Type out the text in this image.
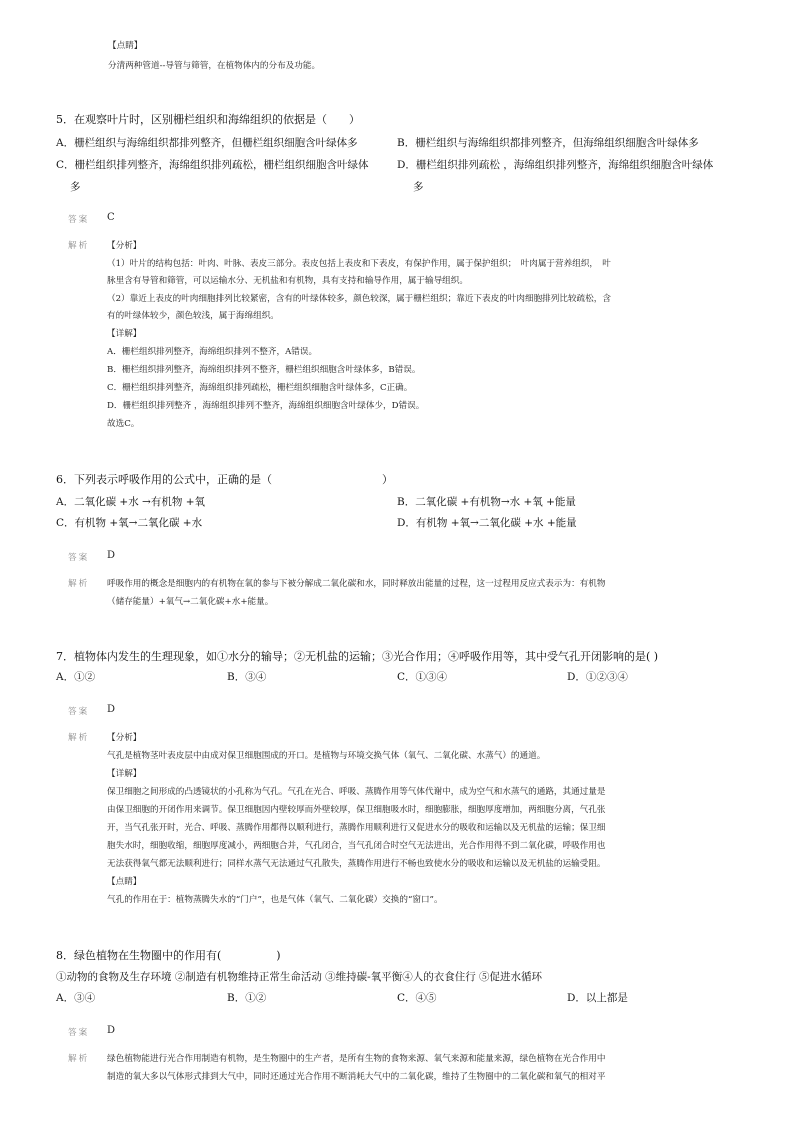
【点睛】
分清两种管道--导管与筛管，在植物体内的分布及功能。
5．在观察叶片时，区别栅栏组织和海绵组织的依据是（　　）
A．栅栏组织与海绵组织都排列整齐，但栅栏组织细胞含叶绿体多	B．栅栏组织与海绵组织都排列整齐，但海绵组织细胞含叶绿体多
C．栅栏组织排列整齐，海绵组织排列疏松，栅栏组织细胞含叶绿体	D．栅栏组织排列疏松 ，海绵组织排列整齐，海绵组织细胞含叶绿体
多	多
答案 C
解析 【分析】
（1）叶片的结构包括：叶肉、叶脉、表皮三部分。表皮包括上表皮和下表皮，有保护作用，属于保护组织；　叶肉属于营养组织，　叶
脉里含有导管和筛管，可以运输水分、无机盐和有机物，具有支持和输导作用，属于输导组织。
（2）靠近上表皮的叶肉细胞排列比较紧密，含有的叶绿体较多，颜色较深，属于栅栏组织；靠近下表皮的叶肉细胞排列比较疏松，含
有的叶绿体较少，颜色较浅，属于海绵组织。
【详解】
A．栅栏组织排列整齐，海绵组织排列不整齐，A错误。
B．栅栏组织排列整齐，海绵组织排列不整齐，栅栏组织细胞含叶绿体多，B错误。
C．栅栏组织排列整齐，海绵组织排列疏松，栅栏组织细胞含叶绿体多，C正确。
D．栅栏组织排列整齐 ，海绵组织排列不整齐，海绵组织细胞含叶绿体少，D错误。
故选C。
6．下列表示呼吸作用的公式中，正确的是（　　　　　　　　　　）
A．二氧化碳 +水 →有机物 +氧	B．二氧化碳 +有机物→水 +氧 +能量
C．有机物 +氧→二氧化碳 +水	D．有机物 +氧→二氧化碳 +水 +能量
答案 D
解析 呼吸作用的概念是细胞内的有机物在氧的参与下被分解成二氧化碳和水，同时释放出能量的过程，这一过程用反应式表示为：有机物
（储存能量）+氧气→二氧化碳+水+能量。
7．植物体内发生的生理现象，如①水分的输导；②无机盐的运输；③光合作用；④呼吸作用等，其中受气孔开闭影响的是( )
A．①②	B．③④	C．①③④	D．①②③④
答案 D
解析 【分析】
气孔是植物茎叶表皮层中由成对保卫细胞围成的开口。是植物与环境交换气体（氧气、二氧化碳、水蒸气）的通道。
【详解】
保卫细胞之间形成的凸透镜状的小孔称为气孔。气孔在光合、呼吸、蒸腾作用等气体代谢中，成为空气和水蒸气的通路，其通过量是
由保卫细胞的开闭作用来调节。保卫细胞因内壁较厚而外壁较厚，保卫细胞吸水时，细胞膨胀，细胞厚度增加，两细胞分离，气孔张
开，当气孔张开时，光合、呼吸、蒸腾作用都得以顺利进行，蒸腾作用顺利进行又促进水分的吸收和运输以及无机盐的运输；保卫细
胞失水时，细胞收缩，细胞厚度减小，两细胞合并，气孔闭合，当气孔闭合时空气无法进出，光合作用得不到二氧化碳，呼吸作用也
无法获得氧气都无法顺利进行；同样水蒸气无法通过气孔散失，蒸腾作用进行不畅也致使水分的吸收和运输以及无机盐的运输受阻。
【点睛】
气孔的作用在于：植物蒸腾失水的“门户”，也是气体（氧气、二氧化碳）交换的“窗口”。
8．绿色植物在生物圈中的作用有(　　　　　)
①动物的食物及生存环境 ②制造有机物维持正常生命活动 ③维持碳-氧平衡④人的衣食住行 ⑤促进水循环
A．③④	B．①②	C．④⑤	D．以上都是
答案 D
解析 绿色植物能进行光合作用制造有机物，是生物圈中的生产者，是所有生物的食物来源、氧气来源和能量来源，绿色植物在光合作用中
制造的氧大多以气体形式排到大气中，同时还通过光合作用不断消耗大气中的二氧化碳，维持了生物圈中的二氧化碳和氧气的相对平
